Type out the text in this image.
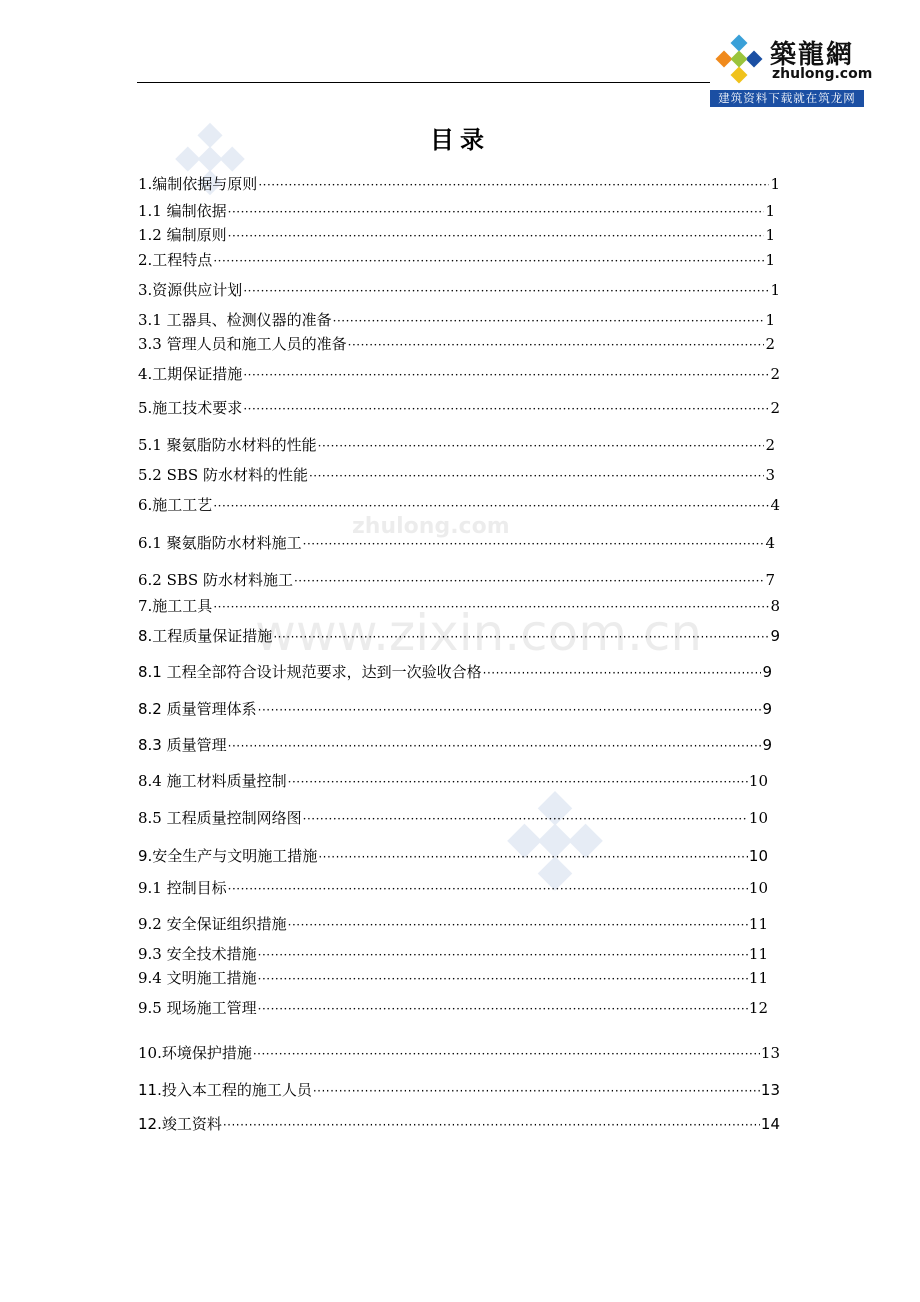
築龍網
zhulong.com
建筑资料下载就在筑龙网
zhulong.com
www.zixin.com.cn
目录
1.编制依据与原则 ·····	1
1.1 编制依据 ·····	1
1.2 编制原则 ·····	1
2.工程特点 ·····	1
3.资源供应计划 ·····	1
3.1 工器具、检测仪器的准备 ·····	1
3.3 管理人员和施工人员的准备 ·····	2
4.工期保证措施 ·····	2
5.施工技术要求 ·····	2
5.1 聚氨脂防水材料的性能 ·····	2
5.2 SBS 防水材料的性能 ·····	3
6.施工工艺 ·····	4
6.1 聚氨脂防水材料施工 ·····	4
6.2 SBS 防水材料施工 ·····	7
7.施工工具 ·····	8
8.工程质量保证措施 ·····	9
8.1 工程全部符合设计规范要求，达到一次验收合格 ·····	9
8.2 质量管理体系 ·····	9
8.3 质量管理 ·····	9
8.4 施工材料质量控制 ·····	10
8.5 工程质量控制网络图 ·····	10
9.安全生产与文明施工措施 ·····	10
9.1 控制目标 ·····	10
9.2 安全保证组织措施 ·····	11
9.3 安全技术措施 ·····	11
9.4 文明施工措施 ·····	11
9.5 现场施工管理 ·····	12
10.环境保护措施 ·····	13
11.投入本工程的施工人员 ·····	13
12.竣工资料 ·····	14
